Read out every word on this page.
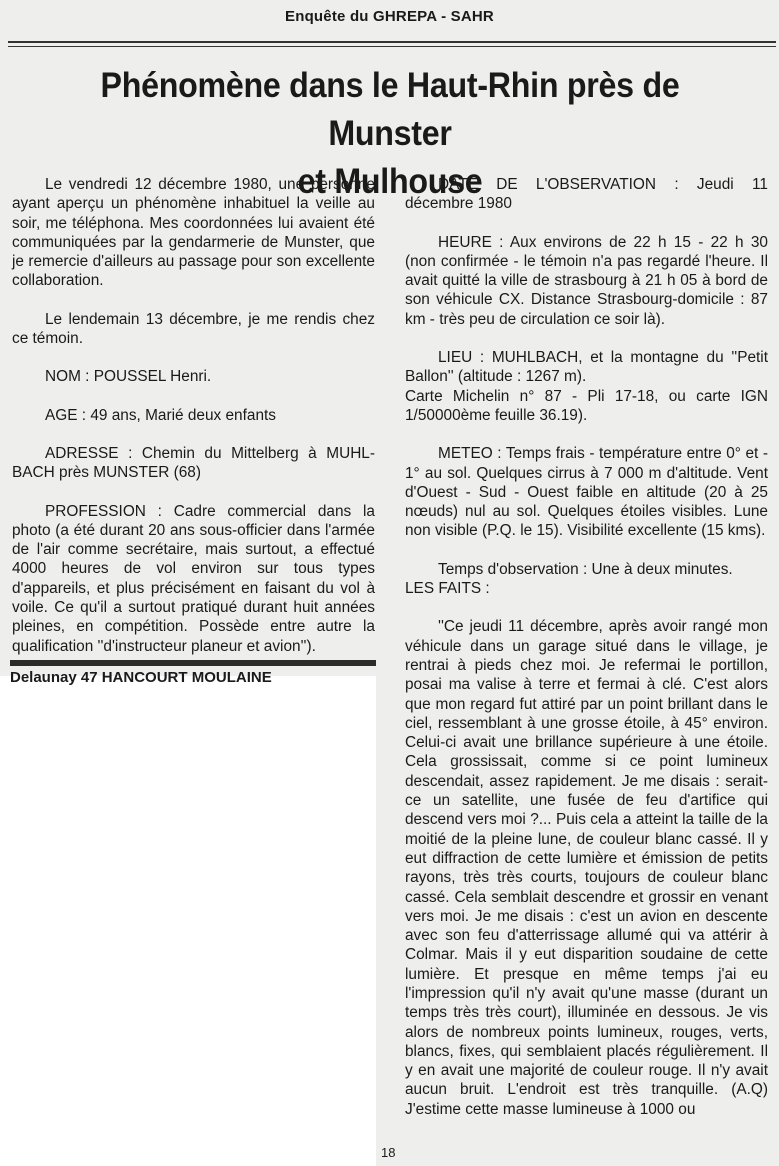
Enquête du GHREPA - SAHR
Phénomène dans le Haut-Rhin près de Munster
et Mulhouse

Le vendredi 12 décembre 1980, une personne ayant aperçu un phénomène inhabituel la veille au soir, me téléphona. Mes coordonnées lui avaient été communiquées par la gendarmerie de Munster, que je remercie d'ailleurs au passage pour son excellente collaboration.

Le lendemain 13 décembre, je me rendis chez ce témoin.

NOM : POUSSEL Henri.

AGE : 49 ans, Marié deux enfants

ADRESSE : Chemin du Mittelberg à MUHL-BACH près MUNSTER (68)

PROFESSION : Cadre commercial dans la photo (a été durant 20 ans sous-officier dans l'armée de l'air comme secrétaire, mais surtout, a effectué 4000 heures de vol environ sur tous types d'appareils, et plus précisément en faisant du vol à voile. Ce qu'il a surtout pratiqué durant huit années pleines, en compétition. Possède entre autre la qualification ''d'instructeur planeur et avion'').

Delaunay 47 HANCOURT MOULAINE

DATE DE L'OBSERVATION : Jeudi 11 décembre 1980

HEURE : Aux environs de 22 h 15 - 22 h 30 (non confirmée - le témoin n'a pas regardé l'heure. Il avait quitté la ville de strasbourg à 21 h 05 à bord de son véhicule CX. Distance Strasbourg-domicile : 87 km - très peu de circulation ce soir là).

LIEU : MUHLBACH, et la montagne du ''Petit Ballon'' (altitude : 1267 m).

Carte Michelin n° 87 - Pli 17-18, ou carte IGN 1/50000ème feuille 36.19).

METEO : Temps frais - température entre 0° et - 1° au sol. Quelques cirrus à 7 000 m d'altitude. Vent d'Ouest - Sud - Ouest faible en altitude (20 à 25 nœuds) nul au sol. Quelques étoiles visibles. Lune non visible (P.Q. le 15). Visibilité excellente (15 kms).

Temps d'observation : Une à deux minutes.

LES FAITS :

''Ce jeudi 11 décembre, après avoir rangé mon véhicule dans un garage situé dans le village, je rentrai à pieds chez moi. Je refermai le portillon, posai ma valise à terre et fermai à clé. C'est alors que mon regard fut attiré par un point brillant dans le ciel, ressemblant à une grosse étoile, à 45° environ. Celui-ci avait une brillance supérieure à une étoile. Cela grossissait, comme si ce point lumineux descendait, assez rapidement. Je me disais : serait-ce un satellite, une fusée de feu d'artifice qui descend vers moi ?... Puis cela a atteint la taille de la moitié de la pleine lune, de couleur blanc cassé. Il y eut diffraction de cette lumière et émission de petits rayons, très très courts, toujours de couleur blanc cassé. Cela semblait descendre et grossir en venant vers moi. Je me disais : c'est un avion en descente avec son feu d'atterrissage allumé qui va attérir à Colmar. Mais il y eut disparition soudaine de cette lumière. Et presque en même temps j'ai eu l'impression qu'il n'y avait qu'une masse (durant un temps très très court), illuminée en dessous. Je vis alors de nombreux points lumineux, rouges, verts, blancs, fixes, qui semblaient placés régulièrement. Il y en avait une majorité de couleur rouge. Il n'y avait aucun bruit. L'endroit est très tranquille. (A.Q) J'estime cette masse lumineuse à 1000 ou

18
